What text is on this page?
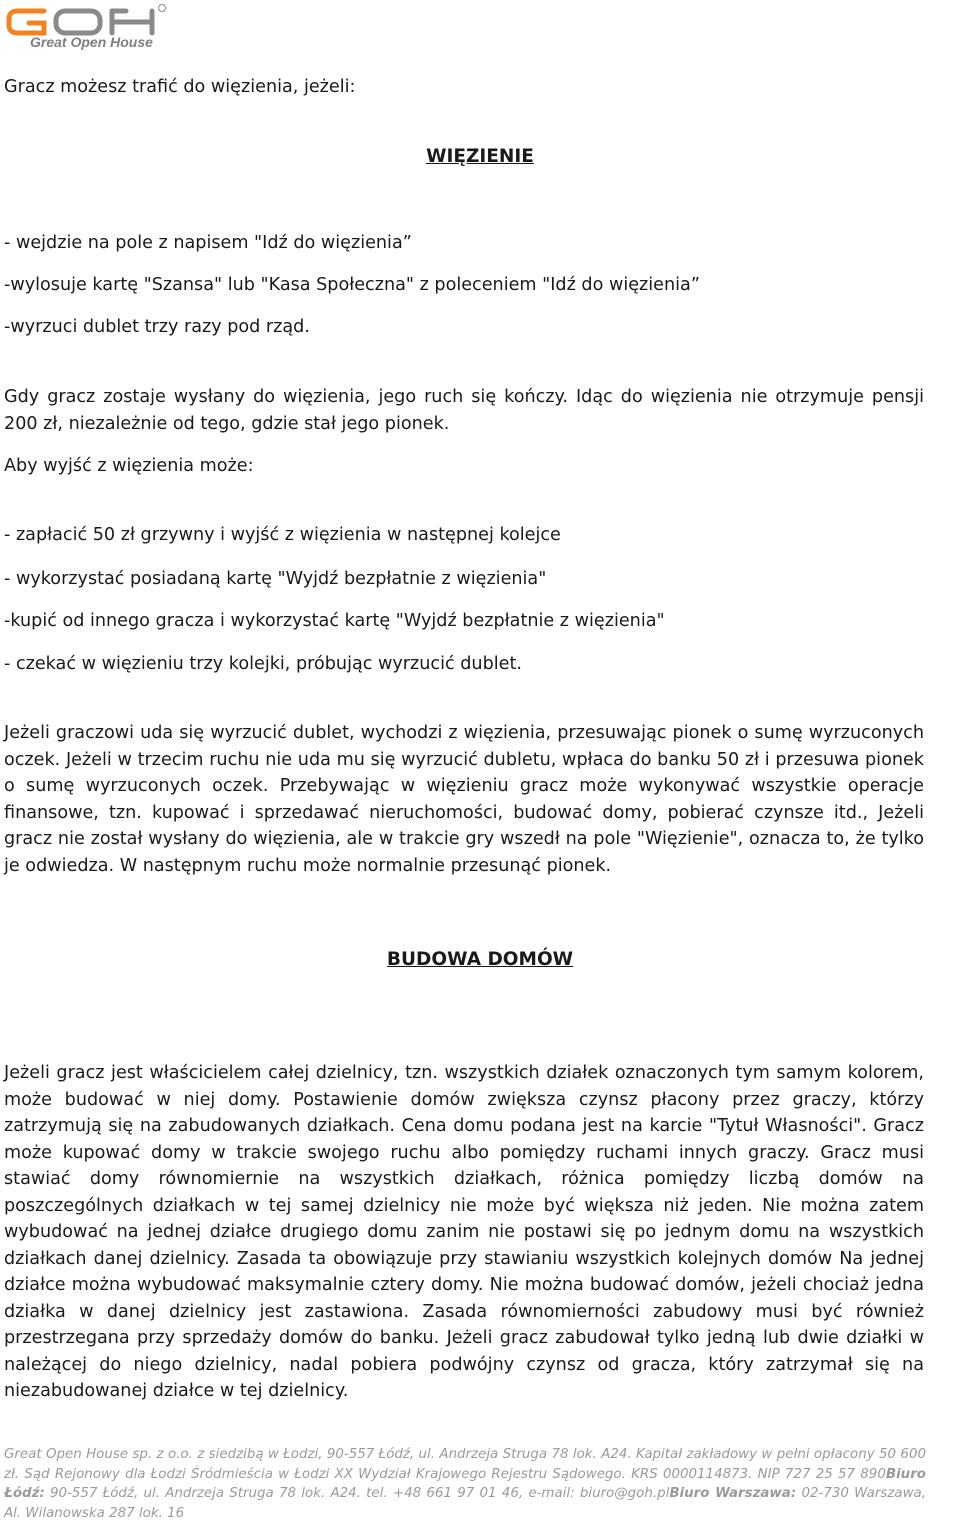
Great Open House

Gracz możesz trafić do więzienia, jeżeli:

WIĘZIENIE

- wejdzie na pole z napisem "Idź do więzienia”

-wylosuje kartę "Szansa" lub "Kasa Społeczna" z poleceniem "Idź do więzienia”

-wyrzuci dublet trzy razy pod rząd.

Gdy gracz zostaje wysłany do więzienia, jego ruch się kończy. Idąc do więzienia nie otrzymuje pensji 200 zł, niezależnie od tego, gdzie stał jego pionek.

Aby wyjść z więzienia może:

- zapłacić 50 zł grzywny i wyjść z więzienia w następnej kolejce

- wykorzystać posiadaną kartę "Wyjdź bezpłatnie z więzienia"

-kupić od innego gracza i wykorzystać kartę "Wyjdź bezpłatnie z więzienia"

- czekać w więzieniu trzy kolejki, próbując wyrzucić dublet.

Jeżeli graczowi uda się wyrzucić dublet, wychodzi z więzienia, przesuwając pionek o sumę wyrzuconych oczek. Jeżeli w trzecim ruchu nie uda mu się wyrzucić dubletu, wpłaca do banku 50 zł i przesuwa pionek o sumę wyrzuconych oczek. Przebywając w więzieniu gracz może wykonywać wszystkie operacje finansowe, tzn. kupować i sprzedawać nieruchomości, budować domy, pobierać czynsze itd., Jeżeli gracz nie został wysłany do więzienia, ale w trakcie gry wszedł na pole "Więzienie", oznacza to, że tylko je odwiedza. W następnym ruchu może normalnie przesunąć pionek.

BUDOWA DOMÓW

Jeżeli gracz jest właścicielem całej dzielnicy, tzn. wszystkich działek oznaczonych tym samym kolorem, może budować w niej domy. Postawienie domów zwiększa czynsz płacony przez graczy, którzy zatrzymują się na zabudowanych działkach. Cena domu podana jest na karcie "Tytuł Własności". Gracz może kupować domy w trakcie swojego ruchu albo pomiędzy ruchami innych graczy. Gracz musi stawiać domy równomiernie na wszystkich działkach, różnica pomiędzy liczbą domów na poszczególnych działkach w tej samej dzielnicy nie może być większa niż jeden. Nie można zatem wybudować na jednej działce drugiego domu zanim nie postawi się po jednym domu na wszystkich działkach danej dzielnicy. Zasada ta obowiązuje przy stawianiu wszystkich kolejnych domów Na jednej działce można wybudować maksymalnie cztery domy. Nie można budować domów, jeżeli chociaż jedna działka w danej dzielnicy jest zastawiona. Zasada równomierności zabudowy musi być również przestrzegana przy sprzedaży domów do banku. Jeżeli gracz zabudował tylko jedną lub dwie działki w należącej do niego dzielnicy, nadal pobiera podwójny czynsz od gracza, który zatrzymał się na niezabudowanej działce w tej dzielnicy.

Great Open House sp. z o.o. z siedzibą w Łodzi, 90-557 Łódź, ul. Andrzeja Struga 78 lok. A24. Kapitał zakładowy w pełni opłacony 50 600 zł. Sąd Rejonowy dla Łodzi Śródmieścia w Łodzi XX Wydział Krajowego Rejestru Sądowego. KRS 0000114873. NIP 727 25 57 890Biuro Łódź: 90-557 Łódź, ul. Andrzeja Struga 78 lok. A24. tel. +48 661 97 01 46, e-mail: biuro@goh.plBiuro Warszawa: 02-730 Warszawa, Al. Wilanowska 287 lok. 16
